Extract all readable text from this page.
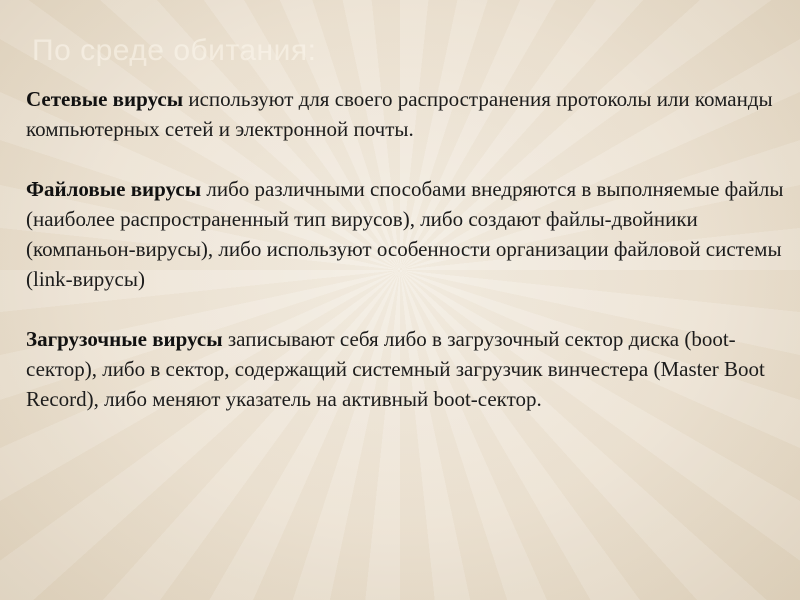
По среде обитания:

Сетевые вирусы используют для своего распространения протоколы или команды компьютерных сетей и электронной почты.

Файловые вирусы либо различными способами внедряются в выполняемые файлы (наиболее распространенный тип вирусов), либо создают файлы-двойники (компаньон-вирусы), либо используют особенности организации файловой системы (link-вирусы)

Загрузочные вирусы записывают себя либо в загрузочный сектор диска (boot-сектор), либо в сектор, содержащий системный загрузчик винчестера (Master Boot Record), либо меняют указатель на активный boot-сектор.
